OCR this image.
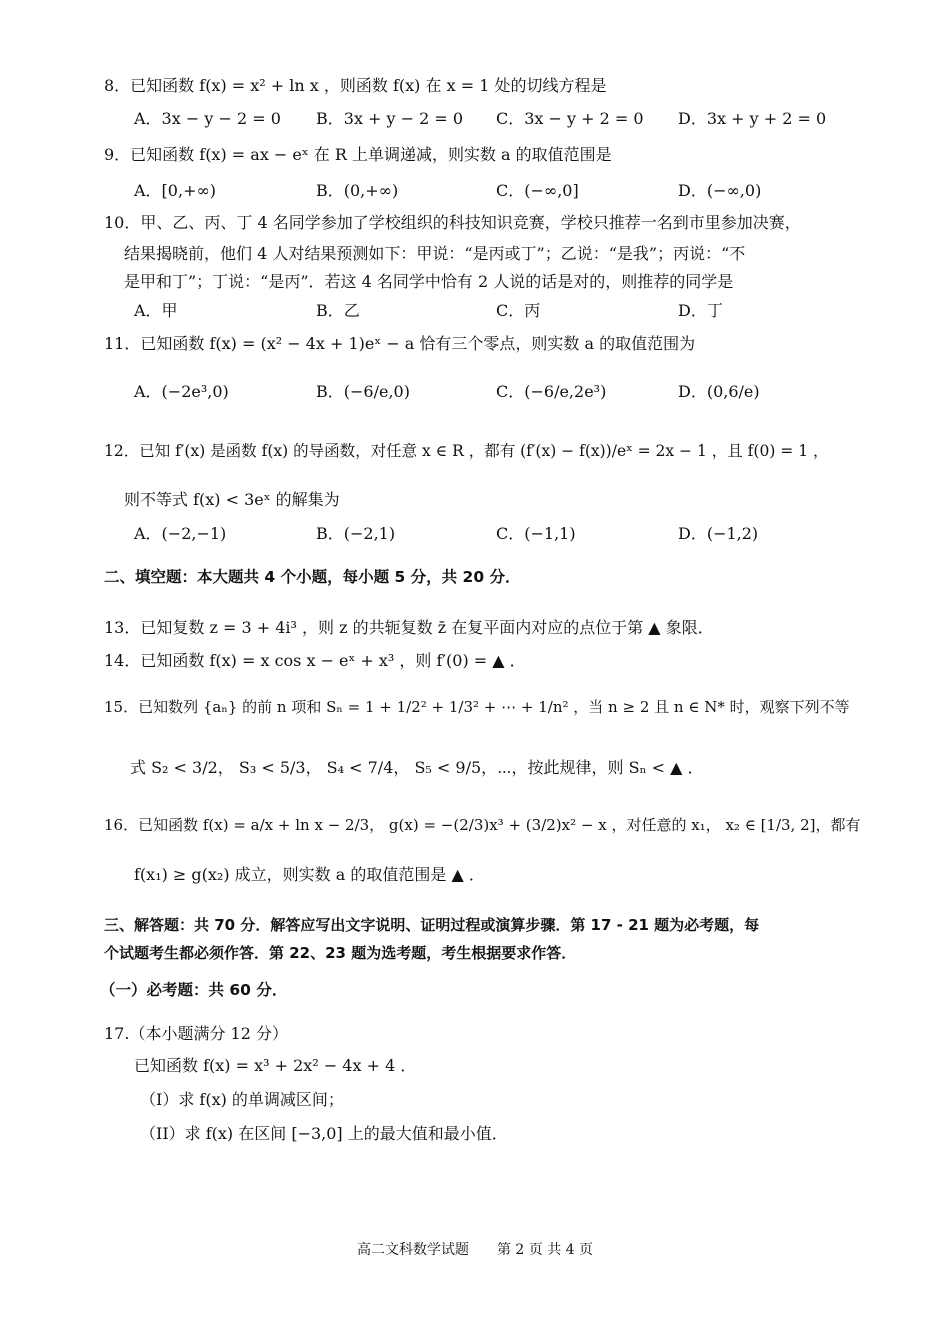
8．已知函数 f(x) = x² + ln x ，则函数 f(x) 在 x = 1 处的切线方程是
A．3x − y − 2 = 0 B．3x + y − 2 = 0 C．3x − y + 2 = 0 D．3x + y + 2 = 0
9．已知函数 f(x) = ax − eˣ 在 R 上单调递减，则实数 a 的取值范围是
A．[0,+∞)	B．(0,+∞)	C．(−∞,0]	D．(−∞,0)
10．甲、乙、丙、丁 4 名同学参加了学校组织的科技知识竞赛，学校只推荐一名到市里参加决赛，
结果揭晓前，他们 4 人对结果预测如下：甲说：“是丙或丁”；乙说：“是我”；丙说：“不
是甲和丁”；丁说：“是丙”．若这 4 名同学中恰有 2 人说的话是对的，则推荐的同学是
A．甲	B．乙	C．丙	D．丁
11．已知函数 f(x) = (x² − 4x + 1)eˣ − a 恰有三个零点，则实数 a 的取值范围为
A．(−2e³,0)	B．(−6/e,0)	C．(−6/e,2e³)	D．(0,6/e)
12．已知 f′(x) 是函数 f(x) 的导函数，对任意 x ∈ R ，都有 (f′(x) − f(x))/eˣ = 2x − 1 ，且 f(0) = 1 ，
则不等式 f(x) < 3eˣ 的解集为
A．(−2,−1)	B．(−2,1)	C．(−1,1)	D．(−1,2)
二、填空题：本大题共 4 个小题，每小题 5 分，共 20 分．
13．已知复数 z = 3 + 4i³ ，则 z 的共轭复数 z̄ 在复平面内对应的点位于第 ▲ 象限．
14．已知函数 f(x) = x cos x − eˣ + x³ ，则 f′(0) = ▲ ．
15．已知数列 {aₙ} 的前 n 项和 Sₙ = 1 + 1/2² + 1/3² + ⋯ + 1/n² ，当 n ≥ 2 且 n ∈ N* 时，观察下列不等
式 S₂ < 3/2， S₃ < 5/3， S₄ < 7/4， S₅ < 9/5，⋯，按此规律，则 Sₙ < ▲ ．
16．已知函数 f(x) = a/x + ln x − 2/3， g(x) = −(2/3)x³ + (3/2)x² − x ，对任意的 x₁， x₂ ∈ [1/3, 2]，都有
f(x₁) ≥ g(x₂) 成立，则实数 a 的取值范围是 ▲ ．
三、解答题：共 70 分．解答应写出文字说明、证明过程或演算步骤．第 17 - 21 题为必考题，每
个试题考生都必须作答．第 22、23 题为选考题，考生根据要求作答．
（一）必考题：共 60 分．
17.（本小题满分 12 分）
已知函数 f(x) = x³ + 2x² − 4x + 4 ．
（I）求 f(x) 的单调减区间；
（II）求 f(x) 在区间 [−3,0] 上的最大值和最小值．
高二文科数学试题　　第 2 页 共 4 页
